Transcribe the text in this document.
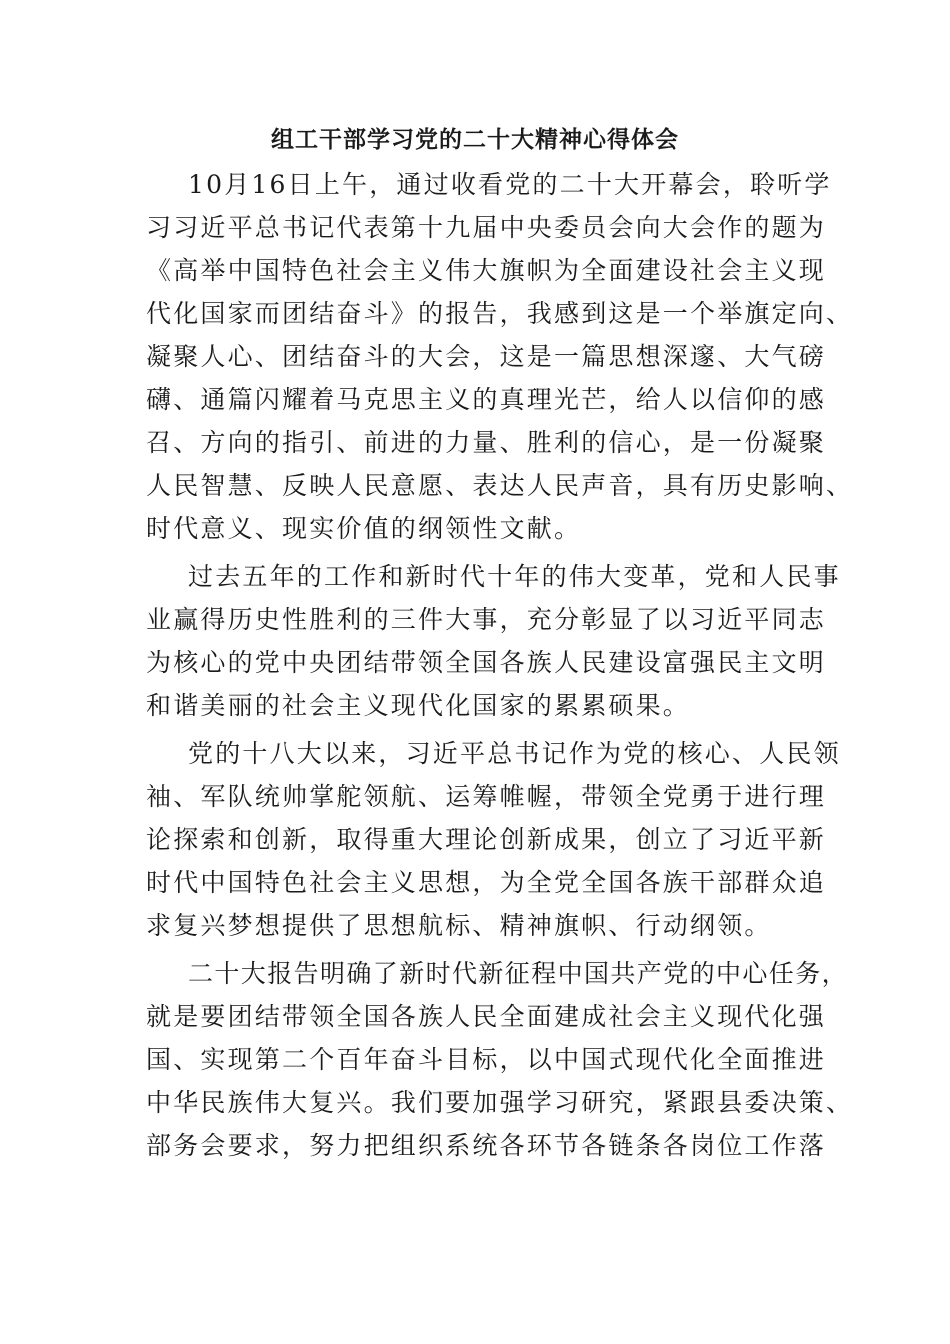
组工干部学习党的二十大精神心得体会
10月16日上午，通过收看党的二十大开幕会，聆听学
习习近平总书记代表第十九届中央委员会向大会作的题为
《高举中国特色社会主义伟大旗帜为全面建设社会主义现
代化国家而团结奋斗》的报告，我感到这是一个举旗定向、
凝聚人心、团结奋斗的大会，这是一篇思想深邃、大气磅
礴、通篇闪耀着马克思主义的真理光芒，给人以信仰的感
召、方向的指引、前进的力量、胜利的信心，是一份凝聚
人民智慧、反映人民意愿、表达人民声音，具有历史影响、
时代意义、现实价值的纲领性文献。
过去五年的工作和新时代十年的伟大变革，党和人民事
业赢得历史性胜利的三件大事，充分彰显了以习近平同志
为核心的党中央团结带领全国各族人民建设富强民主文明
和谐美丽的社会主义现代化国家的累累硕果。
党的十八大以来，习近平总书记作为党的核心、人民领
袖、军队统帅掌舵领航、运筹帷幄，带领全党勇于进行理
论探索和创新，取得重大理论创新成果，创立了习近平新
时代中国特色社会主义思想，为全党全国各族干部群众追
求复兴梦想提供了思想航标、精神旗帜、行动纲领。
二十大报告明确了新时代新征程中国共产党的中心任务，
就是要团结带领全国各族人民全面建成社会主义现代化强
国、实现第二个百年奋斗目标，以中国式现代化全面推进
中华民族伟大复兴。我们要加强学习研究，紧跟县委决策、
部务会要求，努力把组织系统各环节各链条各岗位工作落
